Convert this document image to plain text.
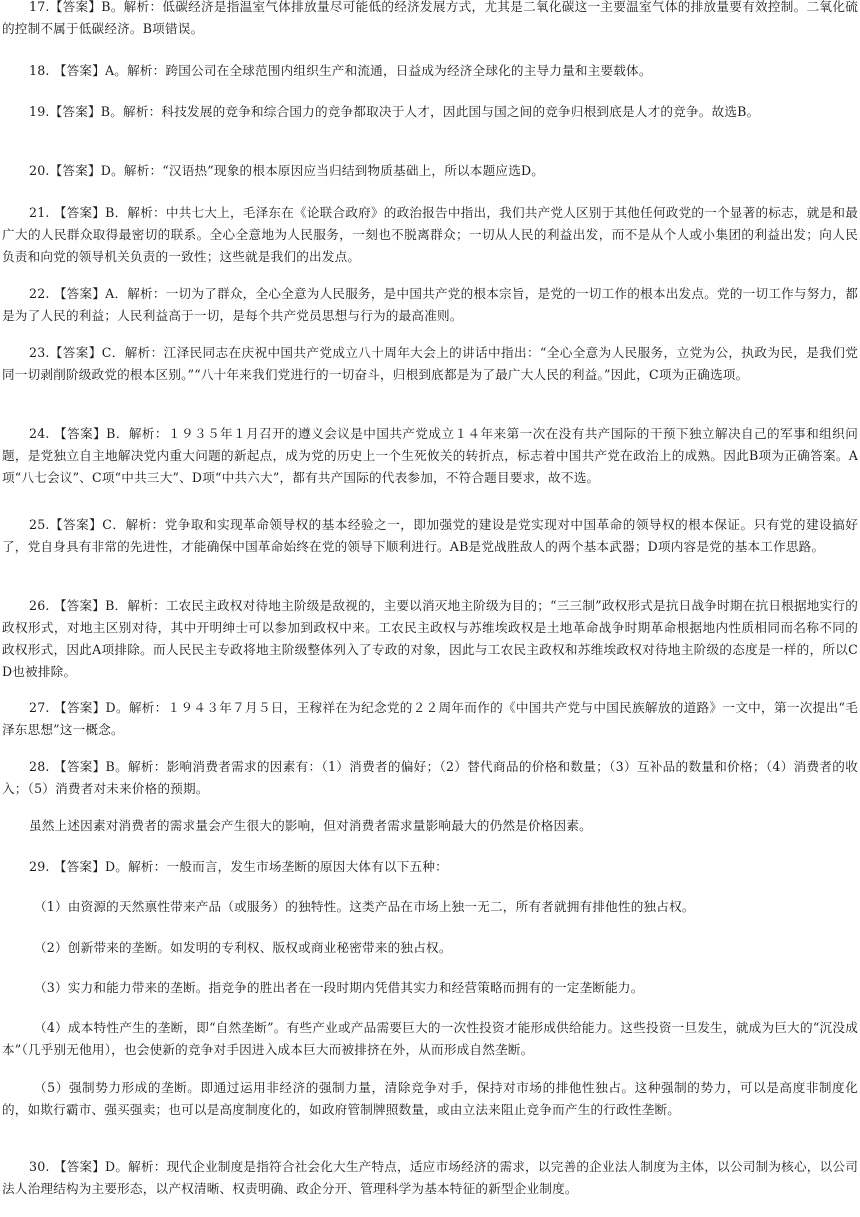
17.【答案】B。解析：低碳经济是指温室气体排放量尽可能低的经济发展方式，尤其是二氧化碳这一主要温室气体的排放量要有效控制。二氧化硫的控制不属于低碳经济。B项错误。

18. 【答案】A。解析：跨国公司在全球范围内组织生产和流通，日益成为经济全球化的主导力量和主要载体。

19.【答案】B。解析：科技发展的竞争和综合国力的竞争都取决于人才，因此国与国之间的竞争归根到底是人才的竞争。故选B。

20.【答案】D。解析：“汉语热”现象的根本原因应当归结到物质基础上，所以本题应选D。

21. 【答案】B．解析：中共七大上，毛泽东在《论联合政府》的政治报告中指出，我们共产党人区别于其他任何政党的一个显著的标志，就是和最广大的人民群众取得最密切的联系。全心全意地为人民服务，一刻也不脱离群众；一切从人民的利益出发，而不是从个人或小集团的利益出发；向人民负责和向党的领导机关负责的一致性；这些就是我们的出发点。

22. 【答案】A．解析：一切为了群众，全心全意为人民服务，是中国共产党的根本宗旨，是党的一切工作的根本出发点。党的一切工作与努力，都是为了人民的利益；人民利益高于一切，是每个共产党员思想与行为的最高准则。

23.【答案】C．解析：江泽民同志在庆祝中国共产党成立八十周年大会上的讲话中指出：“全心全意为人民服务，立党为公，执政为民，是我们党同一切剥削阶级政党的根本区别。”“八十年来我们党进行的一切奋斗，归根到底都是为了最广大人民的利益。”因此，C项为正确选项。

24. 【答案】B．解析：１９３５年１月召开的遵义会议是中国共产党成立１４年来第一次在没有共产国际的干预下独立解决自己的军事和组织问题，是党独立自主地解决党内重大问题的新起点，成为党的历史上一个生死攸关的转折点，标志着中国共产党在政治上的成熟。因此B项为正确答案。A项“八七会议”、C项“中共三大”、D项“中共六大”，都有共产国际的代表参加，不符合题目要求，故不选。

25.【答案】C．解析：党争取和实现革命领导权的基本经验之一，即加强党的建设是党实现对中国革命的领导权的根本保证。只有党的建设搞好了，党自身具有非常的先进性，才能确保中国革命始终在党的领导下顺利进行。AB是党战胜敌人的两个基本武器；D项内容是党的基本工作思路。

26. 【答案】B．解析：工农民主政权对待地主阶级是敌视的，主要以消灭地主阶级为目的；“三三制”政权形式是抗日战争时期在抗日根据地实行的政权形式，对地主区别对待，其中开明绅士可以参加到政权中来。工农民主政权与苏维埃政权是土地革命战争时期革命根据地内性质相同而名称不同的政权形式，因此A项排除。而人民民主专政将地主阶级整体列入了专政的对象，因此与工农民主政权和苏维埃政权对待地主阶级的态度是一样的，所以CD也被排除。

27. 【答案】D。解析：１９４３年７月５日，王稼祥在为纪念党的２２周年而作的《中国共产党与中国民族解放的道路》一文中，第一次提出“毛泽东思想”这一概念。

28. 【答案】B。解析：影响消费者需求的因素有：（1）消费者的偏好；（2）替代商品的价格和数量；（3）互补品的数量和价格；（4）消费者的收入；（5）消费者对未来价格的预期。

虽然上述因素对消费者的需求量会产生很大的影响，但对消费者需求量影响最大的仍然是价格因素。

29. 【答案】D。解析：一般而言，发生市场垄断的原因大体有以下五种：

（1）由资源的天然禀性带来产品（或服务）的独特性。这类产品在市场上独一无二，所有者就拥有排他性的独占权。

（2）创新带来的垄断。如发明的专利权、版权或商业秘密带来的独占权。

（3）实力和能力带来的垄断。指竞争的胜出者在一段时期内凭借其实力和经营策略而拥有的一定垄断能力。

（4）成本特性产生的垄断，即“自然垄断”。有些产业或产品需要巨大的一次性投资才能形成供给能力。这些投资一旦发生，就成为巨大的“沉没成本”（几乎别无他用），也会使新的竞争对手因进入成本巨大而被排挤在外，从而形成自然垄断。

（5）强制势力形成的垄断。即通过运用非经济的强制力量，清除竞争对手，保持对市场的排他性独占。这种强制的势力，可以是高度非制度化的，如欺行霸市、强买强卖；也可以是高度制度化的，如政府管制牌照数量，或由立法来阻止竞争而产生的行政性垄断。

30. 【答案】D。解析：现代企业制度是指符合社会化大生产特点，适应市场经济的需求，以完善的企业法人制度为主体，以公司制为核心，以公司法人治理结构为主要形态，以产权清晰、权责明确、政企分开、管理科学为基本特征的新型企业制度。
